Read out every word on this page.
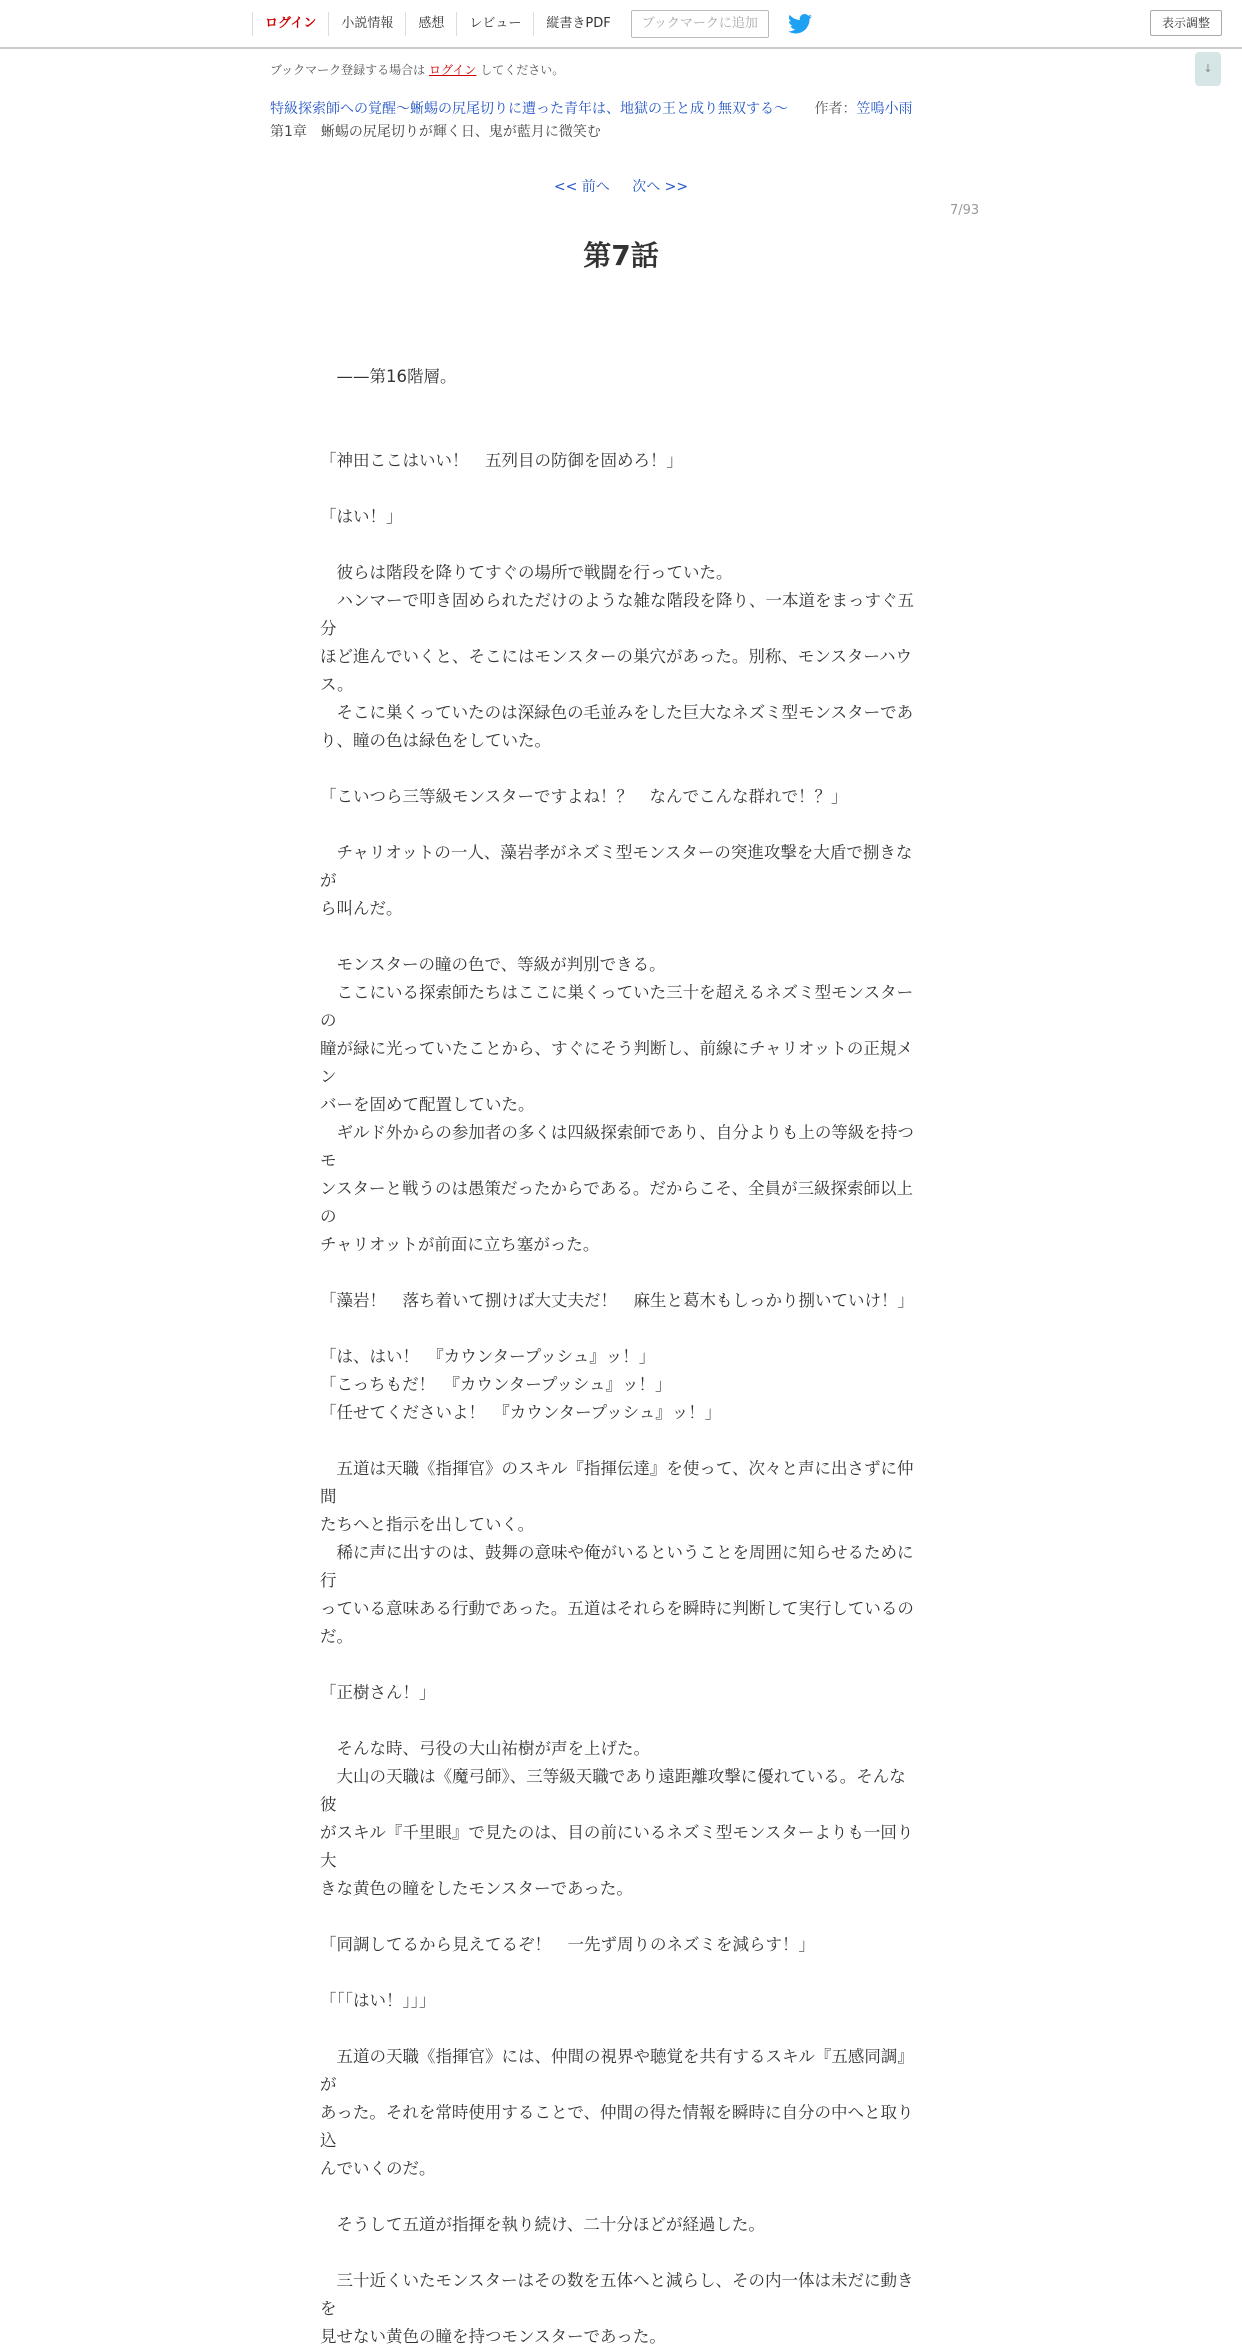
ログイン	小説情報	感想	レビュー	縦書きPDF	ブックマークに追加	表示調整
↓
ブックマーク登録する場合は ログイン してください。
特級探索師への覚醒～蜥蜴の尻尾切りに遭った青年は、地獄の王と成り無双する～ 作者：笠鳴小雨
第1章　蜥蜴の尻尾切りが輝く日、鬼が藍月に微笑む
<< 前へ 次へ >>
7/93
第7話

　——第16階層。

「神田ここはいい！　五列目の防御を固めろ！」

「はい！」

　彼らは階段を降りてすぐの場所で戦闘を行っていた。

　ハンマーで叩き固められただけのような雑な階段を降り、一本道をまっすぐ五分

ほど進んでいくと、そこにはモンスターの巣穴があった。別称、モンスターハウ

ス。

　そこに巣くっていたのは深緑色の毛並みをした巨大なネズミ型モンスターであ

り、瞳の色は緑色をしていた。

「こいつら三等級モンスターですよね！？　なんでこんな群れで！？」

　チャリオットの一人、藻岩孝がネズミ型モンスターの突進攻撃を大盾で捌きなが

ら叫んだ。

　モンスターの瞳の色で、等級が判別できる。

　ここにいる探索師たちはここに巣くっていた三十を超えるネズミ型モンスターの

瞳が緑に光っていたことから、すぐにそう判断し、前線にチャリオットの正規メン

バーを固めて配置していた。

　ギルド外からの参加者の多くは四級探索師であり、自分よりも上の等級を持つモ

ンスターと戦うのは愚策だったからである。だからこそ、全員が三級探索師以上の

チャリオットが前面に立ち塞がった。

「藻岩！　落ち着いて捌けば大丈夫だ！　麻生と葛木もしっかり捌いていけ！」

「は、はい！　『カウンタープッシュ』ッ！」

「こっちもだ！　『カウンタープッシュ』ッ！」

「任せてくださいよ！　『カウンタープッシュ』ッ！」

　五道は天職《指揮官》のスキル『指揮伝達』を使って、次々と声に出さずに仲間

たちへと指示を出していく。

　稀に声に出すのは、鼓舞の意味や俺がいるということを周囲に知らせるために行

っている意味ある行動であった。五道はそれらを瞬時に判断して実行しているの

だ。

「正樹さん！」

　そんな時、弓役の大山祐樹が声を上げた。

　大山の天職は《魔弓師》、三等級天職であり遠距離攻撃に優れている。そんな彼

がスキル『千里眼』で見たのは、目の前にいるネズミ型モンスターよりも一回り大

きな黄色の瞳をしたモンスターであった。

「同調してるから見えてるぞ！　一先ず周りのネズミを減らす！」

「「「はい！」」」

　五道の天職《指揮官》には、仲間の視界や聴覚を共有するスキル『五感同調』が

あった。それを常時使用することで、仲間の得た情報を瞬時に自分の中へと取り込

んでいくのだ。

　そうして五道が指揮を執り続け、二十分ほどが経過した。

　三十近くいたモンスターはその数を五体へと減らし、その内一体は未だに動きを

見せない黄色の瞳を持つモンスターであった。
